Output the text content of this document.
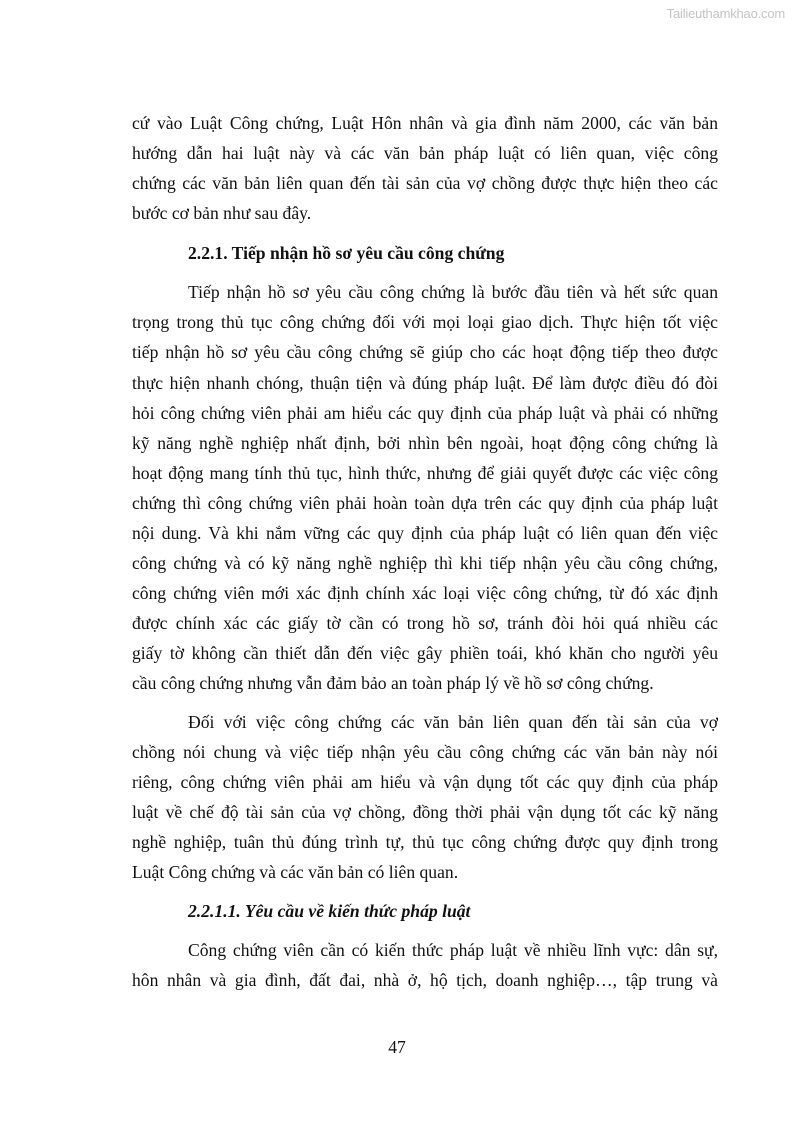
Tailieuthamkhao.com
cứ vào Luật Công chứng, Luật Hôn nhân và gia đình năm 2000, các văn bản
hướng dẫn hai luật này và các văn bản pháp luật có liên quan, việc công
chứng các văn bản liên quan đến tài sản của vợ chồng được thực hiện theo các
bước cơ bản như sau đây.
2.2.1. Tiếp nhận hồ sơ yêu cầu công chứng
Tiếp nhận hồ sơ yêu cầu công chứng là bước đầu tiên và hết sức quan
trọng trong thủ tục công chứng đối với mọi loại giao dịch. Thực hiện tốt việc
tiếp nhận hồ sơ yêu cầu công chứng sẽ giúp cho các hoạt động tiếp theo được
thực hiện nhanh chóng, thuận tiện và đúng pháp luật. Để làm được điều đó đòi
hỏi công chứng viên phải am hiểu các quy định của pháp luật và phải có những
kỹ năng nghề nghiệp nhất định, bởi nhìn bên ngoài, hoạt động công chứng là
hoạt động mang tính thủ tục, hình thức, nhưng để giải quyết được các việc công
chứng thì công chứng viên phải hoàn toàn dựa trên các quy định của pháp luật
nội dung. Và khi nắm vững các quy định của pháp luật có liên quan đến việc
công chứng và có kỹ năng nghề nghiệp thì khi tiếp nhận yêu cầu công chứng,
công chứng viên mới xác định chính xác loại việc công chứng, từ đó xác định
được chính xác các giấy tờ cần có trong hồ sơ, tránh đòi hỏi quá nhiều các
giấy tờ không cần thiết dẫn đến việc gây phiền toái, khó khăn cho người yêu
cầu công chứng nhưng vẫn đảm bảo an toàn pháp lý về hồ sơ công chứng.
Đối với việc công chứng các văn bản liên quan đến tài sản của vợ
chồng nói chung và việc tiếp nhận yêu cầu công chứng các văn bản này nói
riêng, công chứng viên phải am hiểu và vận dụng tốt các quy định của pháp
luật về chế độ tài sản của vợ chồng, đồng thời phải vận dụng tốt các kỹ năng
nghề nghiệp, tuân thủ đúng trình tự, thủ tục công chứng được quy định trong
Luật Công chứng và các văn bản có liên quan.
2.2.1.1. Yêu cầu về kiến thức pháp luật
Công chứng viên cần có kiến thức pháp luật về nhiều lĩnh vực: dân sự,
hôn nhân và gia đình, đất đai, nhà ở, hộ tịch, doanh nghiệp…, tập trung và
47
